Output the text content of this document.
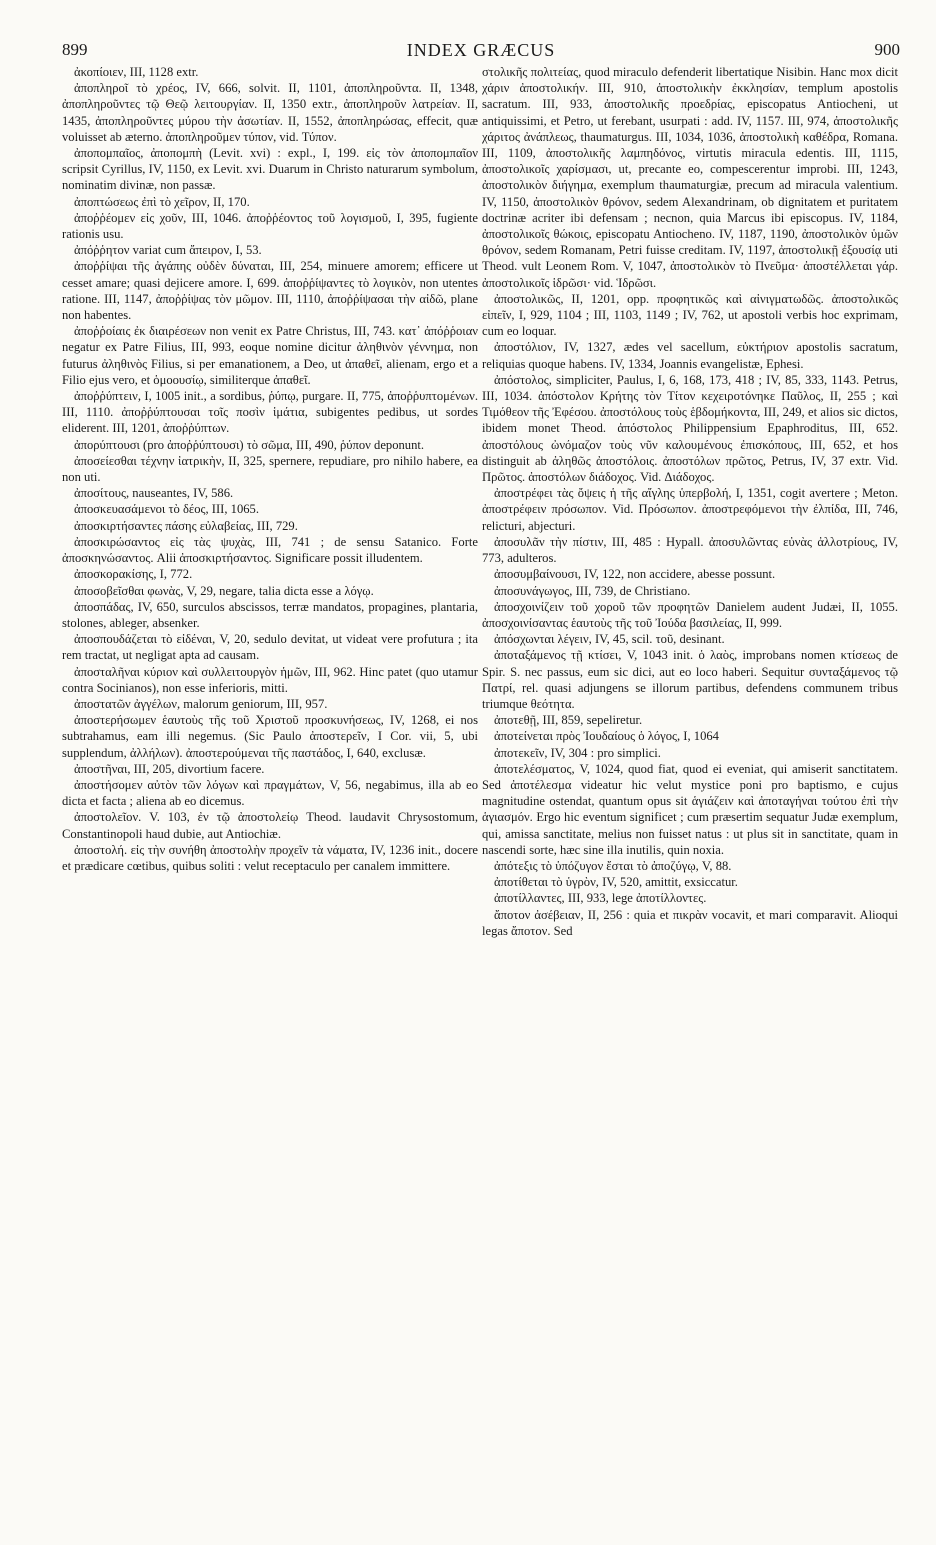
899	INDEX GRÆCUS	900

ἀκοπίοιεν, III, 1128 extr.

ἀποπληροῖ τὸ χρέος, IV, 666, solvit. II, 1101, ἀποπληροῦντα. II, 1348, ἀποπληροῦντες τῷ Θεῷ λειτουργίαν. II, 1350 extr., ἀποπληροῦν λατρείαν. II, 1435, ἀποπληροῦντες μύρου τὴν ἀσωτίαν. II, 1552, ἀποπληρώσας, effecit, quæ voluisset ab æterno. ἀποπληροῦμεν τύπον, vid. Τύπον.

ἀποπομπαῖος, ἀποπομπὴ (Levit. xvi) : expl., I, 199. εἰς τὸν ἀποπομπαῖον scripsit Cyrillus, IV, 1150, ex Levit. xvi. Duarum in Christo naturarum symbolum, nominatim divinæ, non passæ.

ἀποπτώσεως ἐπὶ τὸ χεῖρον, II, 170.

ἀποῤῥέομεν εἰς χοῦν, III, 1046. ἀποῤῥέοντος τοῦ λογισμοῦ, I, 395, fugiente rationis usu.

ἀπόῤῥητον variat cum ἄπειρον, I, 53.

ἀποῤῥίψαι τῆς ἀγάπης οὐδὲν δύναται, III, 254, minuere amorem; efficere ut cesset amare; quasi dejicere amore. I, 699. ἀποῤῥίψαντες τὸ λογικὸν, non utentes ratione. III, 1147, ἀποῤῥίψας τὸν μῶμον. III, 1110, ἀποῤῥίψασαι τὴν αἰδῶ, plane non habentes.

ἀποῤῥοίαις ἐκ διαιρέσεων non venit ex Patre Christus, III, 743. κατ᾽ ἀπόῤῥοιαν negatur ex Patre Filius, III, 993, eoque nomine dicitur ἀληθινὸν γέννημα, non futurus ἀληθινὸς Filius, si per emanationem, a Deo, ut ἀπαθεῖ, alienam, ergo et a Filio ejus vero, et ὁμοουσίῳ, similiterque ἀπαθεῖ.

ἀποῤῥύπτειν, I, 1005 init., a sordibus, ῥύπῳ, purgare. II, 775, ἀποῤῥυπτομένων. III, 1110. ἀποῤῥύπτουσαι τοῖς ποσὶν ἱμάτια, subigentes pedibus, ut sordes eliderent. III, 1201, ἀποῤῥύπτων.

ἀπορύπτουσι (pro ἀποῤῥύπτουσι) τὸ σῶμα, III, 490, ῥύπον deponunt.

ἀποσείεσθαι τέχνην ἰατρικὴν, II, 325, spernere, repudiare, pro nihilo habere, ea non uti.

ἀποσίτους, nauseantes, IV, 586.

ἀποσκευασάμενοι τὸ δέος, III, 1065.

ἀποσκιρτήσαντες πάσης εὐλαβείας, III, 729.

ἀποσκιρώσαντος εἰς τὰς ψυχὰς, III, 741 ; de sensu Satanico. Forte ἀποσκηνώσαντος. Alii ἀποσκιρτήσαντος. Significare possit illudentem.

ἀποσκορακίσης, I, 772.

ἀποσοβεῖσθαι φωνὰς, V, 29, negare, talia dicta esse a λόγῳ.

ἀποσπάδας, IV, 650, surculos abscissos, terræ mandatos, propagines, plantaria, stolones, ableger, absenker.

ἀποσπουδάζεται τὸ εἰδέναι, V, 20, sedulo devitat, ut videat vere profutura ; ita rem tractat, ut negligat apta ad causam.

ἀποσταλῆναι κύριον καὶ συλλειτουργὸν ἡμῶν, III, 962. Hinc patet (quo utamur contra Socinianos), non esse inferioris, mitti.

ἀποστατῶν ἀγγέλων, malorum geniorum, III, 957.

ἀποστερήσωμεν ἑαυτοὺς τῆς τοῦ Χριστοῦ προσκυνήσεως, IV, 1268, ei nos subtrahamus, eam illi negemus. (Sic Paulo ἀποστερεῖν, I Cor. vii, 5, ubi supplendum, ἀλλήλων). ἀποστερούμεναι τῆς παστάδος, I, 640, exclusæ.

ἀποστῆναι, III, 205, divortium facere.

ἀποστήσομεν αὐτὸν τῶν λόγων καὶ πραγμάτων, V, 56, negabimus, illa ab eo dicta et facta ; aliena ab eo dicemus.

ἀποστολεῖον. V. 103, ἐν τῷ ἀποστολείῳ Theod. laudavit Chrysostomum, Constantinopoli haud dubie, aut Antiochiæ.

ἀποστολή. εἰς τὴν συνήθη ἀποστολὴν προχεῖν τὰ νάματα, IV, 1236 init., docere et prædicare cœtibus, quibus soliti : velut receptaculo per canalem immittere.

στολικῆς πολιτείας, quod miraculo defenderit libertatique Nisibin. Hanc mox dicit χάριν ἀποστολικήν. III, 910, ἀποστολικὴν ἐκκλησίαν, templum apostolis sacratum. III, 933, ἀποστολικῆς προεδρίας, episcopatus Antiocheni, ut antiquissimi, et Petro, ut ferebant, usurpati : add. IV, 1157. III, 974, ἀποστολικῆς χάριτος ἀνάπλεως, thaumaturgus. III, 1034, 1036, ἀποστολικὴ καθέδρα, Romana. III, 1109, ἀποστολικῆς λαμπηδόνος, virtutis miracula edentis. III, 1115, ἀποστολικοῖς χαρίσμασι, ut, precante eo, compescerentur improbi. III, 1243, ἀποστολικὸν διήγημα, exemplum thaumaturgiæ, precum ad miracula valentium. IV, 1150, ἀποστολικὸν θρόνον, sedem Alexandrinam, ob dignitatem et puritatem doctrinæ acriter ibi defensam ; necnon, quia Marcus ibi episcopus. IV, 1184, ἀποστολικοῖς θώκοις, episcopatu Antiocheno. IV, 1187, 1190, ἀποστολικὸν ὑμῶν θρόνον, sedem Romanam, Petri fuisse creditam. IV, 1197, ἀποστολικῇ ἐξουσίᾳ uti Theod. vult Leonem Rom. V, 1047, ἀποστολικὸν τὸ Πνεῦμα· ἀποστέλλεται γάρ. ἀποστολικοῖς ἱδρῶσι· vid. Ἱδρῶσι.

ἀποστολικῶς, II, 1201, opp. προφητικῶς καὶ αἰνιγματωδῶς. ἀποστολικῶς εἰπεῖν, I, 929, 1104 ; III, 1103, 1149 ; IV, 762, ut apostoli verbis hoc exprimam, cum eo loquar.

ἀποστόλιον, IV, 1327, ædes vel sacellum, εὐκτήριον apostolis sacratum, reliquias quoque habens. IV, 1334, Joannis evangelistæ, Ephesi.

ἀπόστολος, simpliciter, Paulus, I, 6, 168, 173, 418 ; IV, 85, 333, 1143. Petrus, III, 1034. ἀπόστολον Κρήτης τὸν Τίτον κεχειροτόνηκε Παῦλος, II, 255 ; καὶ Τιμόθεον τῆς Ἐφέσου. ἀποστόλους τοὺς ἑβδομήκοντα, III, 249, et alios sic dictos, ibidem monet Theod. ἀπόστολος Philippensium Epaphroditus, III, 652. ἀποστόλους ὠνόμαζον τοὺς νῦν καλουμένους ἐπισκόπους, III, 652, et hos distinguit ab ἀληθῶς ἀποστόλοις. ἀποστόλων πρῶτος, Petrus, IV, 37 extr. Vid. Πρῶτος. ἀποστόλων διάδοχος. Vid. Διάδοχος.

ἀποστρέφει τὰς ὄψεις ἡ τῆς αἴγλης ὑπερβολή, I, 1351, cogit avertere ; Meton. ἀποστρέφειν πρόσωπον. Vid. Πρόσωπον. ἀποστρεφόμενοι τὴν ἐλπίδα, III, 746, relicturi, abjecturi.

ἀποσυλᾶν τὴν πίστιν, III, 485 : Hypall. ἀποσυλῶντας εὐνὰς ἀλλοτρίους, IV, 773, adulteros.

ἀποσυμβαίνουσι, IV, 122, non accidere, abesse possunt.

ἀποσυνάγωγος, III, 739, de Christiano.

ἀποσχοινίζειν τοῦ χοροῦ τῶν προφητῶν Danielem audent Judæi, II, 1055. ἀποσχοινίσαντας ἑαυτοὺς τῆς τοῦ Ἰούδα βασιλείας, II, 999.

ἀπόσχωνται λέγειν, IV, 45, scil. τοῦ, desinant.

ἀποταξάμενος τῇ κτίσει, V, 1043 init. ὁ λαὸς, improbans nomen κτίσεως de Spir. S. nec passus, eum sic dici, aut eo loco haberi. Sequitur συνταξάμενος τῷ Πατρί, rel. quasi adjungens se illorum partibus, defendens communem tribus triumque θεότητα.

ἀποτεθῇ, III, 859, sepeliretur.

ἀποτείνεται πρὸς Ἰουδαίους ὁ λόγος, I, 1064

ἀποτεκεῖν, IV, 304 : pro simplici.

ἀποτελέσματος, V, 1024, quod fiat, quod ei eveniat, qui amiserit sanctitatem. Sed ἀποτέλεσμα videatur hic velut mystice poni pro baptismo, e cujus magnitudine ostendat, quantum opus sit ἁγιάζειν καὶ ἀποταγήναι τούτου ἐπὶ τὴν ἁγιασμόν. Ergo hic eventum significet ; cum præsertim sequatur Judæ exemplum, qui, amissa sanctitate, melius non fuisset natus : ut plus sit in sanctitate, quam in nascendi sorte, hæc sine illa inutilis, quin noxia.

ἀπότεξις τὸ ὑπόζυγον ἔσται τὸ ἀποζύγῳ, V, 88.

ἀποτίθεται τὸ ὑγρὸν, IV, 520, amittit, exsiccatur.

ἀποτίλλαντες, III, 933, lege ἀποτίλλοντες.

ἄποτον ἀσέβειαν, II, 256 : quia et πικρὰν vocavit, et mari comparavit. Alioqui legas ἄποτον. Sed
